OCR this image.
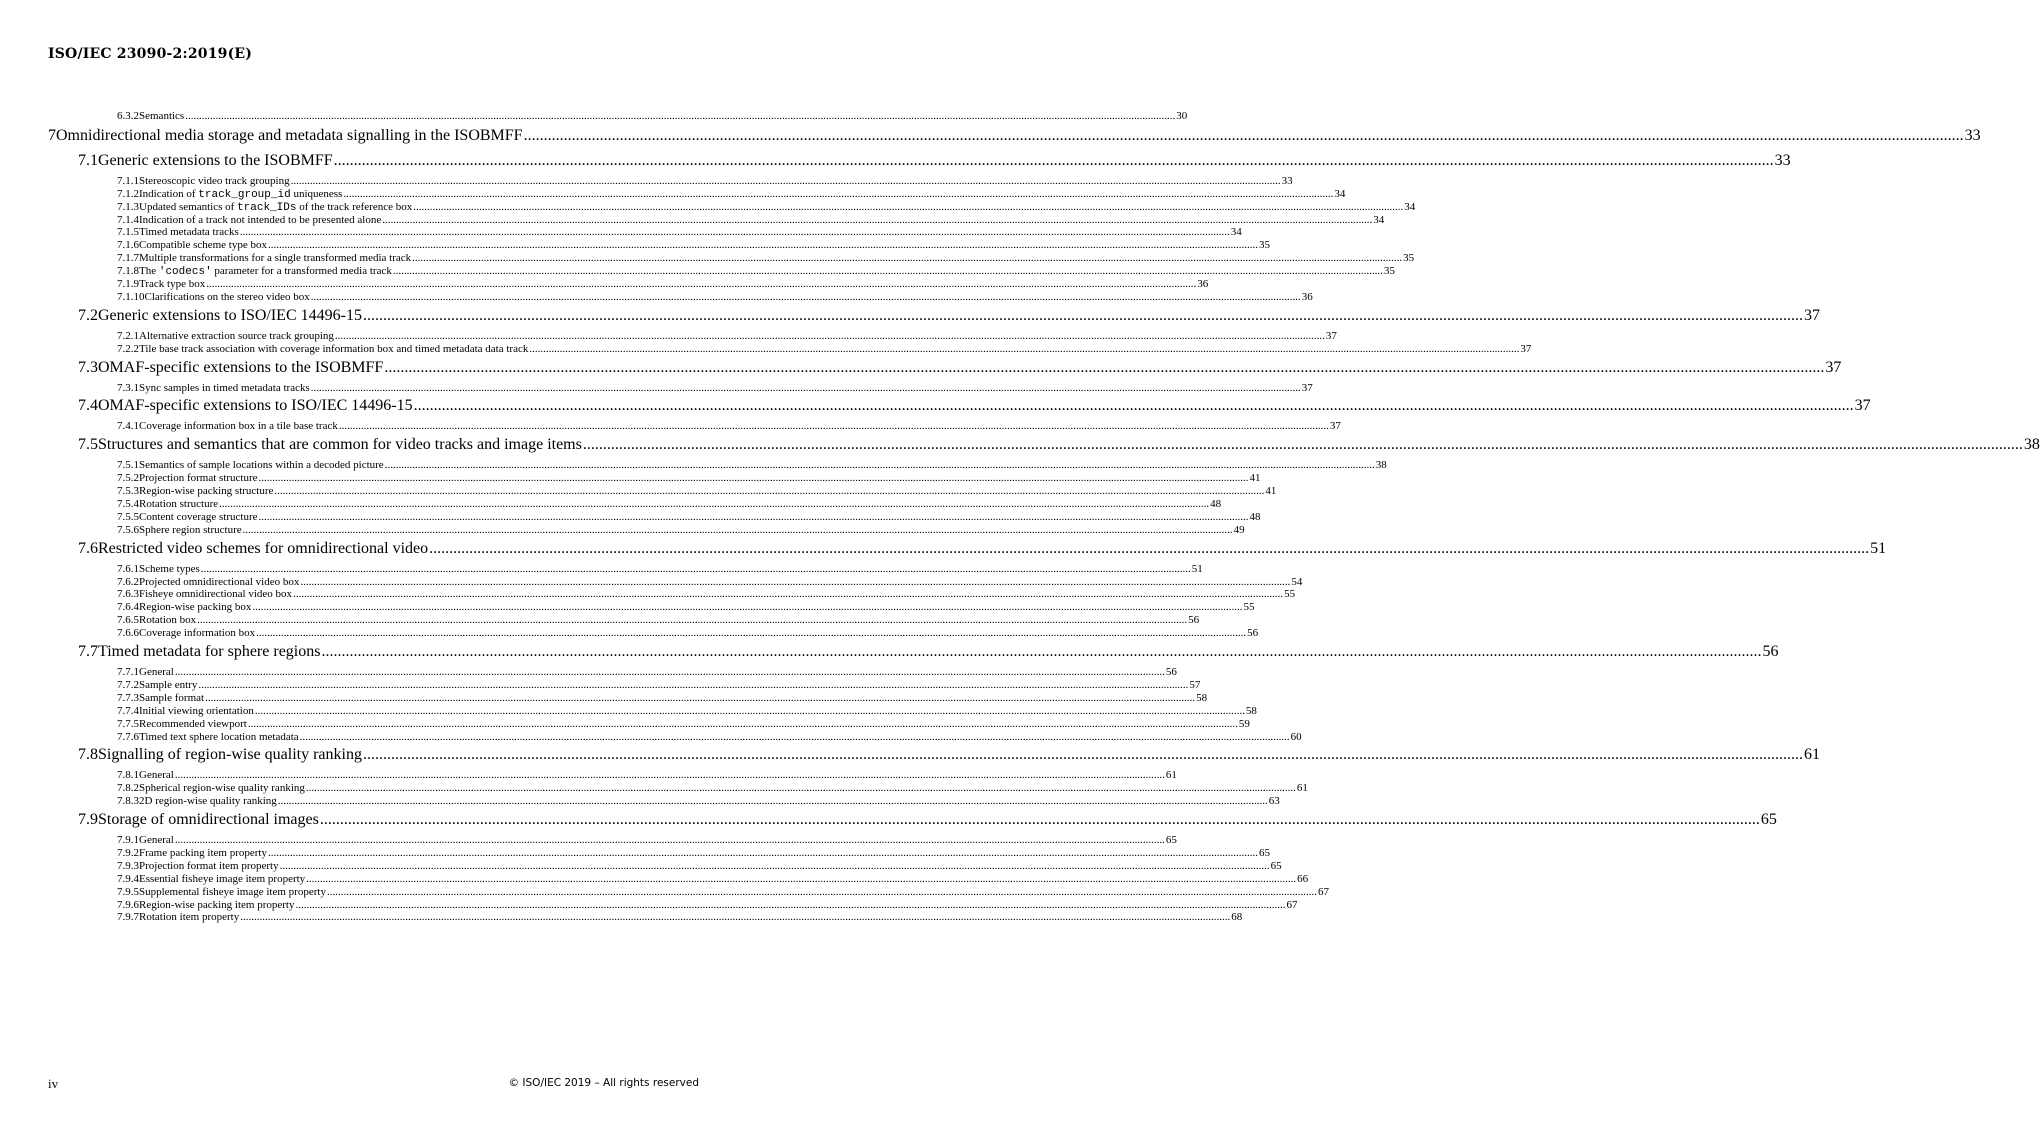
ISO/IEC 23090-2:2019(E)
6.3.2 Semantics .....	30
7 Omnidirectional media storage and metadata signalling in the ISOBMFF .....	33
7.1 Generic extensions to the ISOBMFF .....	33
7.1.1 Stereoscopic video track grouping .....	33
7.1.2 Indication of track_group_id uniqueness .....	34
7.1.3 Updated semantics of track_IDs of the track reference box .....	34
7.1.4 Indication of a track not intended to be presented alone .....	34
7.1.5 Timed metadata tracks .....	34
7.1.6 Compatible scheme type box .....	35
7.1.7 Multiple transformations for a single transformed media track .....	35
7.1.8 The 'codecs' parameter for a transformed media track .....	35
7.1.9 Track type box .....	36
7.1.10 Clarifications on the stereo video box .....	36
7.2 Generic extensions to ISO/IEC 14496-15 .....	37
7.2.1 Alternative extraction source track grouping .....	37
7.2.2 Tile base track association with coverage information box and timed metadata data track .....	37
7.3 OMAF-specific extensions to the ISOBMFF .....	37
7.3.1 Sync samples in timed metadata tracks .....	37
7.4 OMAF-specific extensions to ISO/IEC 14496-15 .....	37
7.4.1 Coverage information box in a tile base track .....	37
7.5 Structures and semantics that are common for video tracks and image items .....	38
7.5.1 Semantics of sample locations within a decoded picture .....	38
7.5.2 Projection format structure .....	41
7.5.3 Region-wise packing structure .....	41
7.5.4 Rotation structure .....	48
7.5.5 Content coverage structure .....	48
7.5.6 Sphere region structure .....	49
7.6 Restricted video schemes for omnidirectional video .....	51
7.6.1 Scheme types .....	51
7.6.2 Projected omnidirectional video box .....	54
7.6.3 Fisheye omnidirectional video box .....	55
7.6.4 Region-wise packing box .....	55
7.6.5 Rotation box .....	56
7.6.6 Coverage information box .....	56
7.7 Timed metadata for sphere regions .....	56
7.7.1 General .....	56
7.7.2 Sample entry .....	57
7.7.3 Sample format .....	58
7.7.4 Initial viewing orientation .....	58
7.7.5 Recommended viewport .....	59
7.7.6 Timed text sphere location metadata .....	60
7.8 Signalling of region-wise quality ranking .....	61
7.8.1 General .....	61
7.8.2 Spherical region-wise quality ranking .....	61
7.8.3 2D region-wise quality ranking .....	63
7.9 Storage of omnidirectional images .....	65
7.9.1 General .....	65
7.9.2 Frame packing item property .....	65
7.9.3 Projection format item property .....	65
7.9.4 Essential fisheye image item property .....	66
7.9.5 Supplemental fisheye image item property .....	67
7.9.6 Region-wise packing item property .....	67
7.9.7 Rotation item property .....	68
iv	© ISO/IEC 2019 – All rights reserved
